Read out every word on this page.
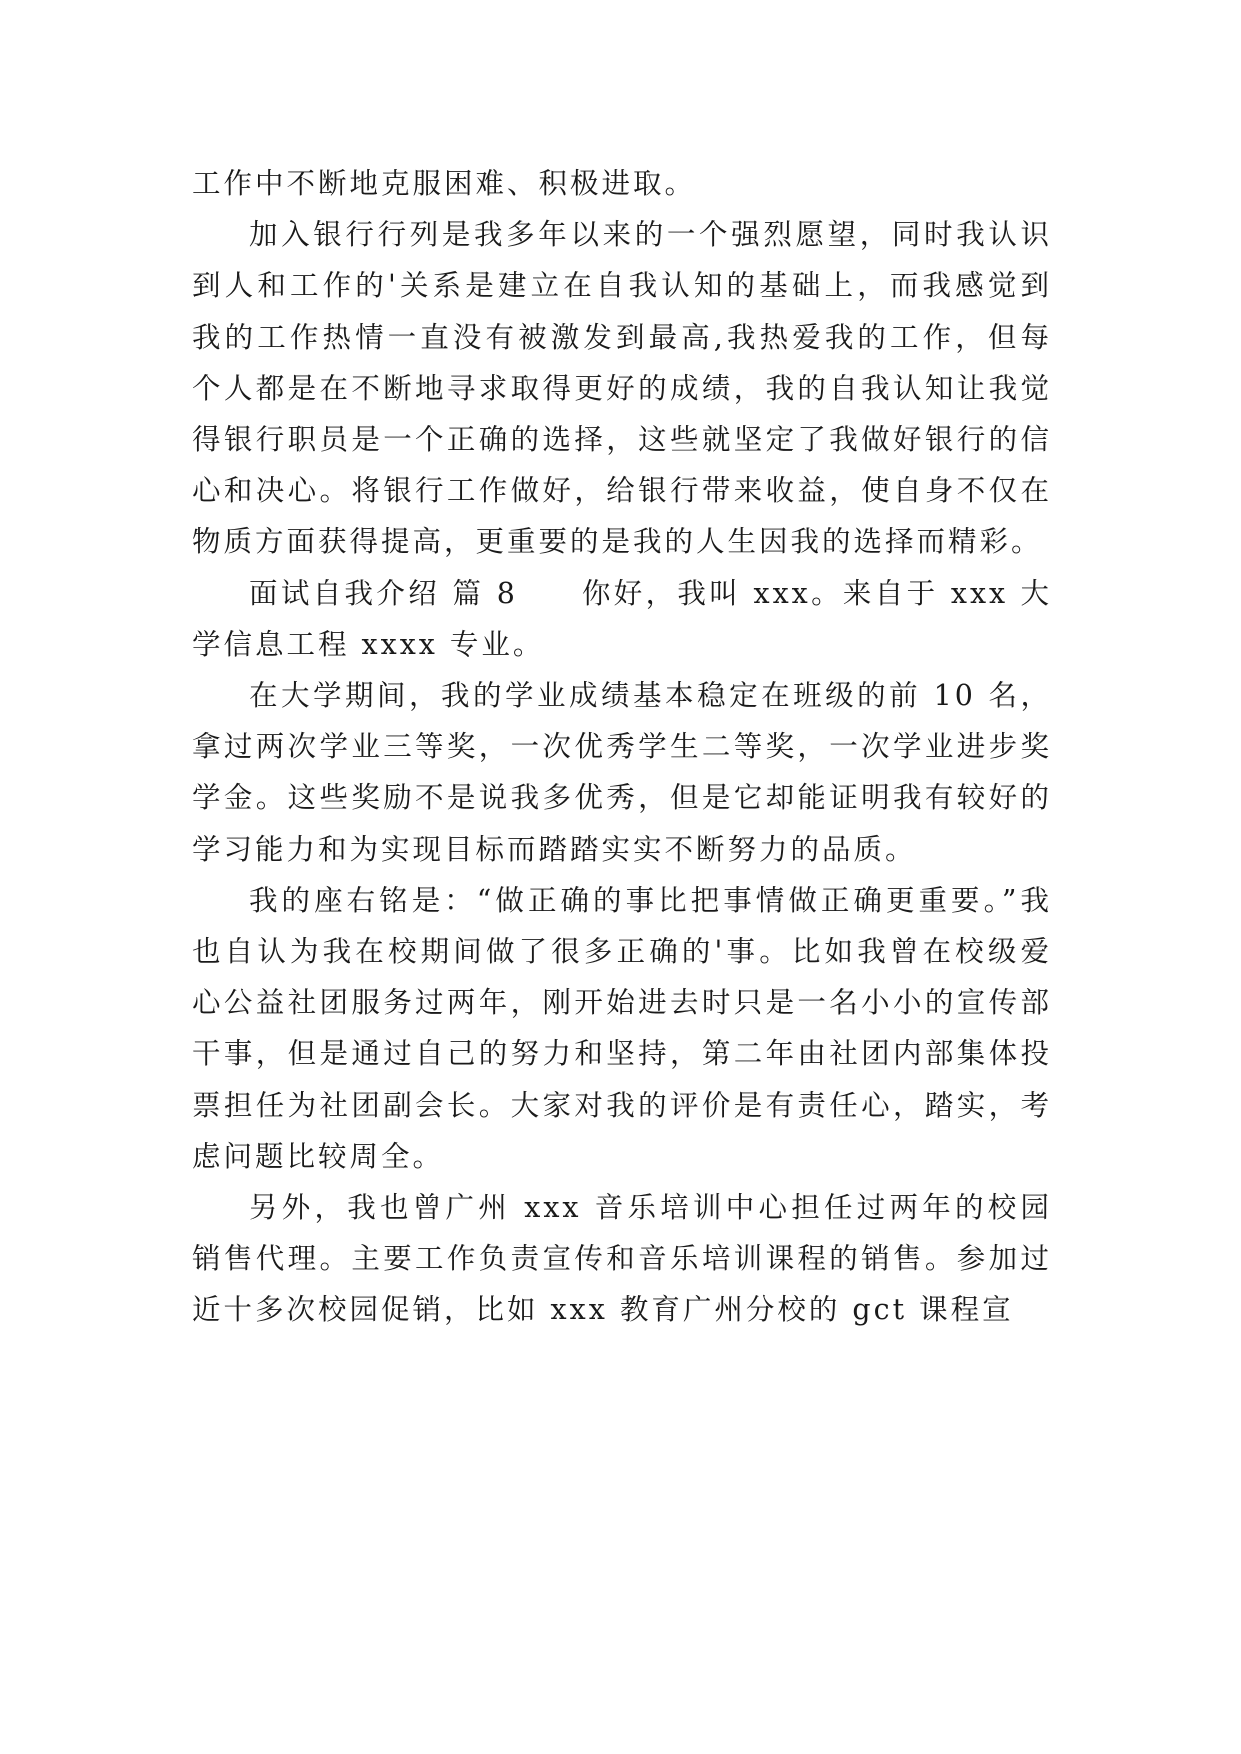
工作中不断地克服困难、积极进取。

加入银行行列是我多年以来的一个强烈愿望，同时我认识到人和工作的'关系是建立在自我认知的基础上，而我感觉到我的工作热情一直没有被激发到最高,我热爱我的工作，但每个人都是在不断地寻求取得更好的成绩，我的自我认知让我觉得银行职员是一个正确的选择，这些就坚定了我做好银行的信心和决心。将银行工作做好，给银行带来收益，使自身不仅在物质方面获得提高，更重要的是我的人生因我的选择而精彩。

面试自我介绍 篇 8　　你好，我叫 xxx。来自于 xxx 大学信息工程 xxxx 专业。

在大学期间，我的学业成绩基本稳定在班级的前 10 名，拿过两次学业三等奖，一次优秀学生二等奖，一次学业进步奖学金。这些奖励不是说我多优秀，但是它却能证明我有较好的学习能力和为实现目标而踏踏实实不断努力的品质。

我的座右铭是：“做正确的事比把事情做正确更重要。”我也自认为我在校期间做了很多正确的'事。比如我曾在校级爱心公益社团服务过两年，刚开始进去时只是一名小小的宣传部干事，但是通过自己的努力和坚持，第二年由社团内部集体投票担任为社团副会长。大家对我的评价是有责任心，踏实，考虑问题比较周全。

另外，我也曾广州 xxx 音乐培训中心担任过两年的校园销售代理。主要工作负责宣传和音乐培训课程的销售。参加过近十多次校园促销，比如 xxx 教育广州分校的 gct 课程宣
